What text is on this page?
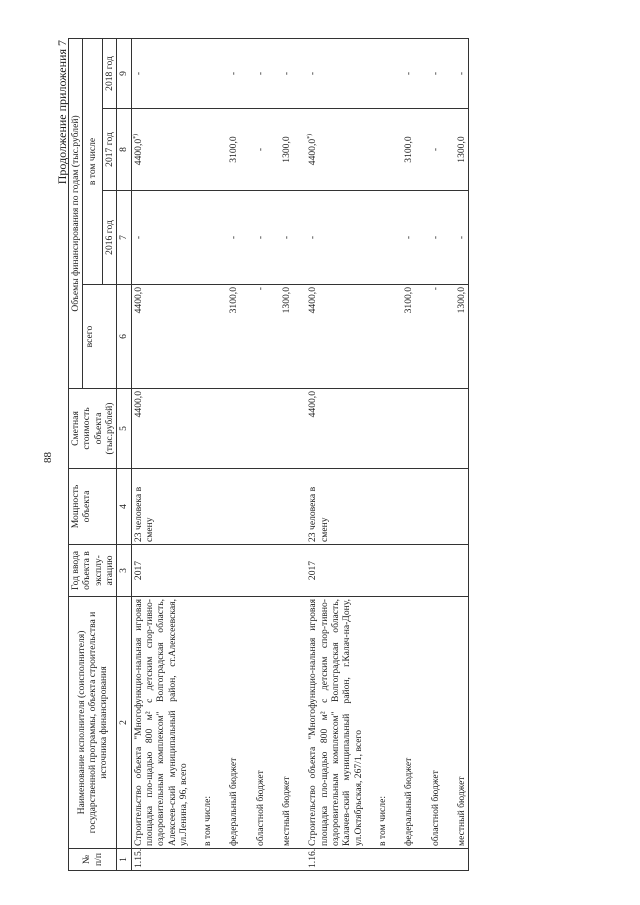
88
Продолжение приложения 7
№
п/п	Наименование исполнителя (соисполнителя) государственной программы, объекта строительства и источника финансирования	Год ввода объекта в эксплу-атацию	Мощность объекта	Сметная стоимость объекта (тыс.рублей)	Объемы финансирования по годам (тыс.рублей)			
					всего	в том числе		
						2016 год	2017 год	2018 год
1	2	3	4	5	6	7	8	9
1.15.	Строительство объекта "Многофункцио-нальная игровая площадка пло-щадью 800 м² с детским спор-тивно-оздоровительным комплексом" Волгоградская область, Алексеев-ский муниципальный район, ст.Алексеевская, ул.Ленина, 96, всего	2017	23 человека в смену	4400,0	4400,0	-	4400,0*)	-
	в том числе:							
	федеральный бюджет				3100,0	-	3100,0	-
	областной бюджет				-	-	-	-
	местный бюджет				1300,0	-	1300,0	-
1.16.	Строительство объекта "Многофункцио-нальная игровая площадка пло-щадью 800 м² с детским спор-тивно-оздоровительным комплексом" Волгоградская область, Калачев-ский муниципальный район, г.Калач-на-Дону, ул.Октябрьская, 267/1, всего	2017	23 человека в смену	4400,0	4400,0	-	4400,0*)	-
	в том числе:							
	федеральный бюджет				3100,0	-	3100,0	-
	областной бюджет				-	-	-	-
	местный бюджет				1300,0	-	1300,0	-
